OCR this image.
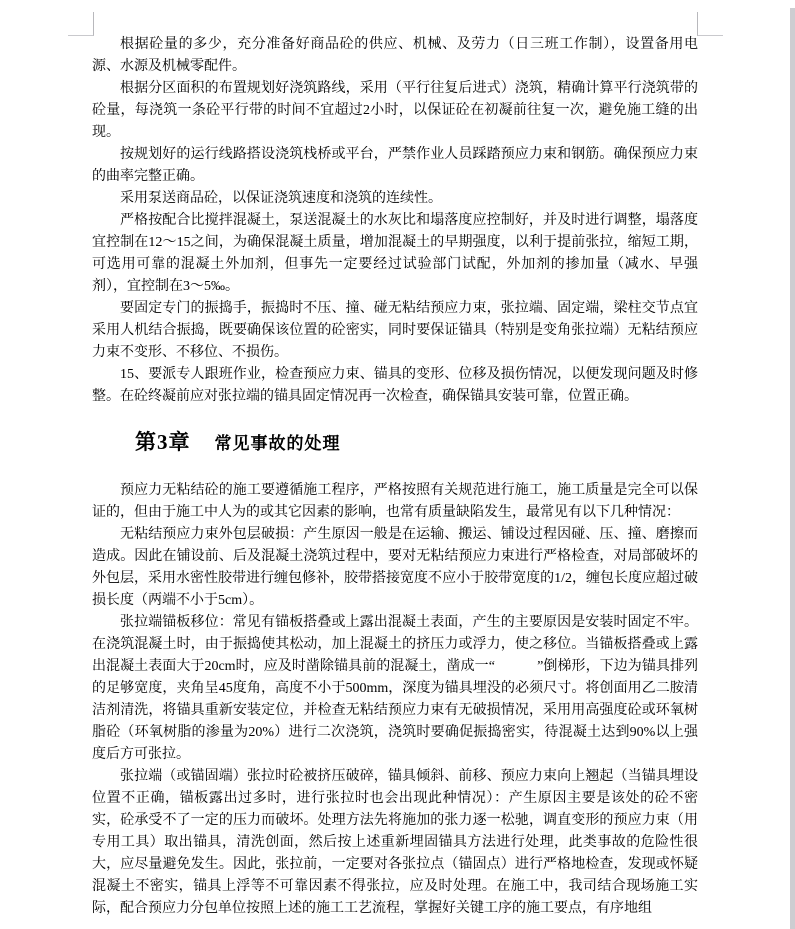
根据砼量的多少，充分准备好商品砼的供应、机械、及劳力（日三班工作制），设置备用电源、水源及机械零配件。

根据分区面积的布置规划好浇筑路线，采用（平行往复后进式）浇筑，精确计算平行浇筑带的砼量，每浇筑一条砼平行带的时间不宜超过2小时，以保证砼在初凝前往复一次，避免施工缝的出现。

按规划好的运行线路搭设浇筑栈桥或平台，严禁作业人员踩踏预应力束和钢筋。确保预应力束的曲率完整正确。

采用泵送商品砼，以保证浇筑速度和浇筑的连续性。

严格按配合比搅拌混凝土，泵送混凝土的水灰比和塌落度应控制好，并及时进行调整，塌落度宜控制在12～15之间，为确保混凝土质量，增加混凝土的早期强度，以利于提前张拉，缩短工期，可选用可靠的混凝土外加剂，但事先一定要经过试验部门试配，外加剂的掺加量（减水、早强剂），宜控制在3～5‰。

要固定专门的振捣手，振捣时不压、撞、碰无粘结预应力束，张拉端、固定端，梁柱交节点宜采用人机结合振捣，既要确保该位置的砼密实，同时要保证锚具（特别是变角张拉端）无粘结预应力束不变形、不移位、不损伤。

15、要派专人跟班作业，检查预应力束、锚具的变形、位移及损伤情况，以便发现问题及时修整。在砼终凝前应对张拉端的锚具固定情况再一次检查，确保锚具安装可靠，位置正确。

第3章 常见事故的处理

预应力无粘结砼的施工要遵循施工程序，严格按照有关规范进行施工，施工质量是完全可以保证的，但由于施工中人为的或其它因素的影响，也常有质量缺陷发生，最常见有以下几种情况：

无粘结预应力束外包层破损：产生原因一般是在运输、搬运、铺设过程因碰、压、撞、磨擦而造成。因此在铺设前、后及混凝土浇筑过程中，要对无粘结预应力束进行严格检查，对局部破坏的外包层，采用水密性胶带进行缠包修补，胶带搭接宽度不应小于胶带宽度的1/2，缠包长度应超过破损长度（两端不小于5cm）。

张拉端锚板移位：常见有锚板搭叠或上露出混凝土表面，产生的主要原因是安装时固定不牢。在浇筑混凝土时，由于振捣使其松动，加上混凝土的挤压力或浮力，使之移位。当锚板搭叠或上露出混凝土表面大于20cm时，应及时凿除锚具前的混凝土，凿成一“　　　”倒梯形，下边为锚具排列的足够宽度，夹角呈45度角，高度不小于500mm，深度为锚具埋没的必须尺寸。将创面用乙二胺清洁剂清洗，将锚具重新安装定位，并检查无粘结预应力束有无破损情况，采用用高强度砼或环氧树脂砼（环氧树脂的渗量为20%）进行二次浇筑，浇筑时要确促振捣密实，待混凝土达到90%以上强度后方可张拉。

张拉端（或锚固端）张拉时砼被挤压破碎，锚具倾斜、前移、预应力束向上翘起（当锚具埋设位置不正确，锚板露出过多时，进行张拉时也会出现此种情况）：产生原因主要是该处的砼不密实，砼承受不了一定的压力而破坏。处理方法先将施加的张力逐一松驰，调直变形的预应力束（用专用工具）取出锚具，清洗创面，然后按上述重新埋固锚具方法进行处理，此类事故的危险性很大，应尽量避免发生。因此，张拉前，一定要对各张拉点（锚固点）进行严格地检查，发现或怀疑混凝土不密实，锚具上浮等不可靠因素不得张拉，应及时处理。在施工中，我司结合现场施工实际，配合预应力分包单位按照上述的施工工艺流程，掌握好关键工序的施工要点，有序地组
